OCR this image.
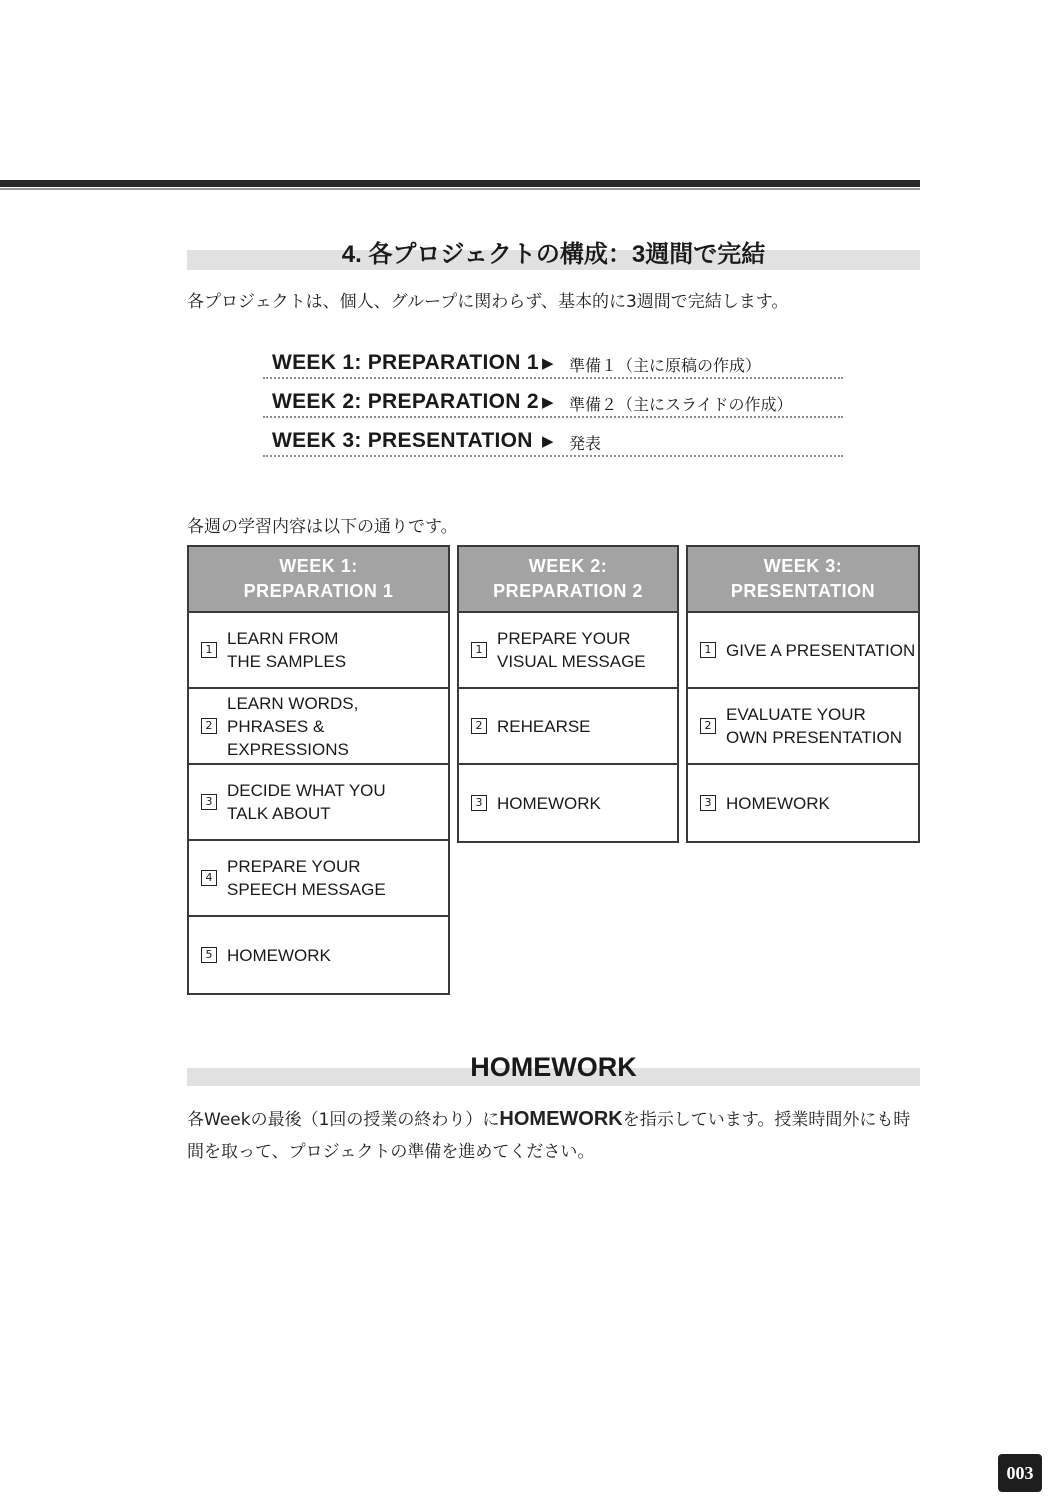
4. 各プロジェクトの構成：3週間で完結
各プロジェクトは、個人、グループに関わらず、基本的に3週間で完結します。
WEEK 1: PREPARATION 1 ▶ 準備１（主に原稿の作成）
WEEK 2: PREPARATION 2 ▶ 準備２（主にスライドの作成）
WEEK 3: PRESENTATION ▶ 発表
各週の学習内容は以下の通りです。
WEEK 1:
PREPARATION 1
1
LEARN FROM
THE SAMPLES
2
LEARN WORDS,
PHRASES & EXPRESSIONS
3
DECIDE WHAT YOU
TALK ABOUT
4
PREPARE YOUR
SPEECH MESSAGE
5 HOMEWORK
WEEK 2:
PREPARATION 2
1
PREPARE YOUR
VISUAL MESSAGE
2 REHEARSE
3 HOMEWORK
WEEK 3:
PRESENTATION
1 GIVE A PRESENTATION
2
EVALUATE YOUR
OWN PRESENTATION
3 HOMEWORK
HOMEWORK
各Weekの最後（1回の授業の終わり）にHOMEWORKを指示しています。授業時間外にも時間を取って、プロジェクトの準備を進めてください。
003
